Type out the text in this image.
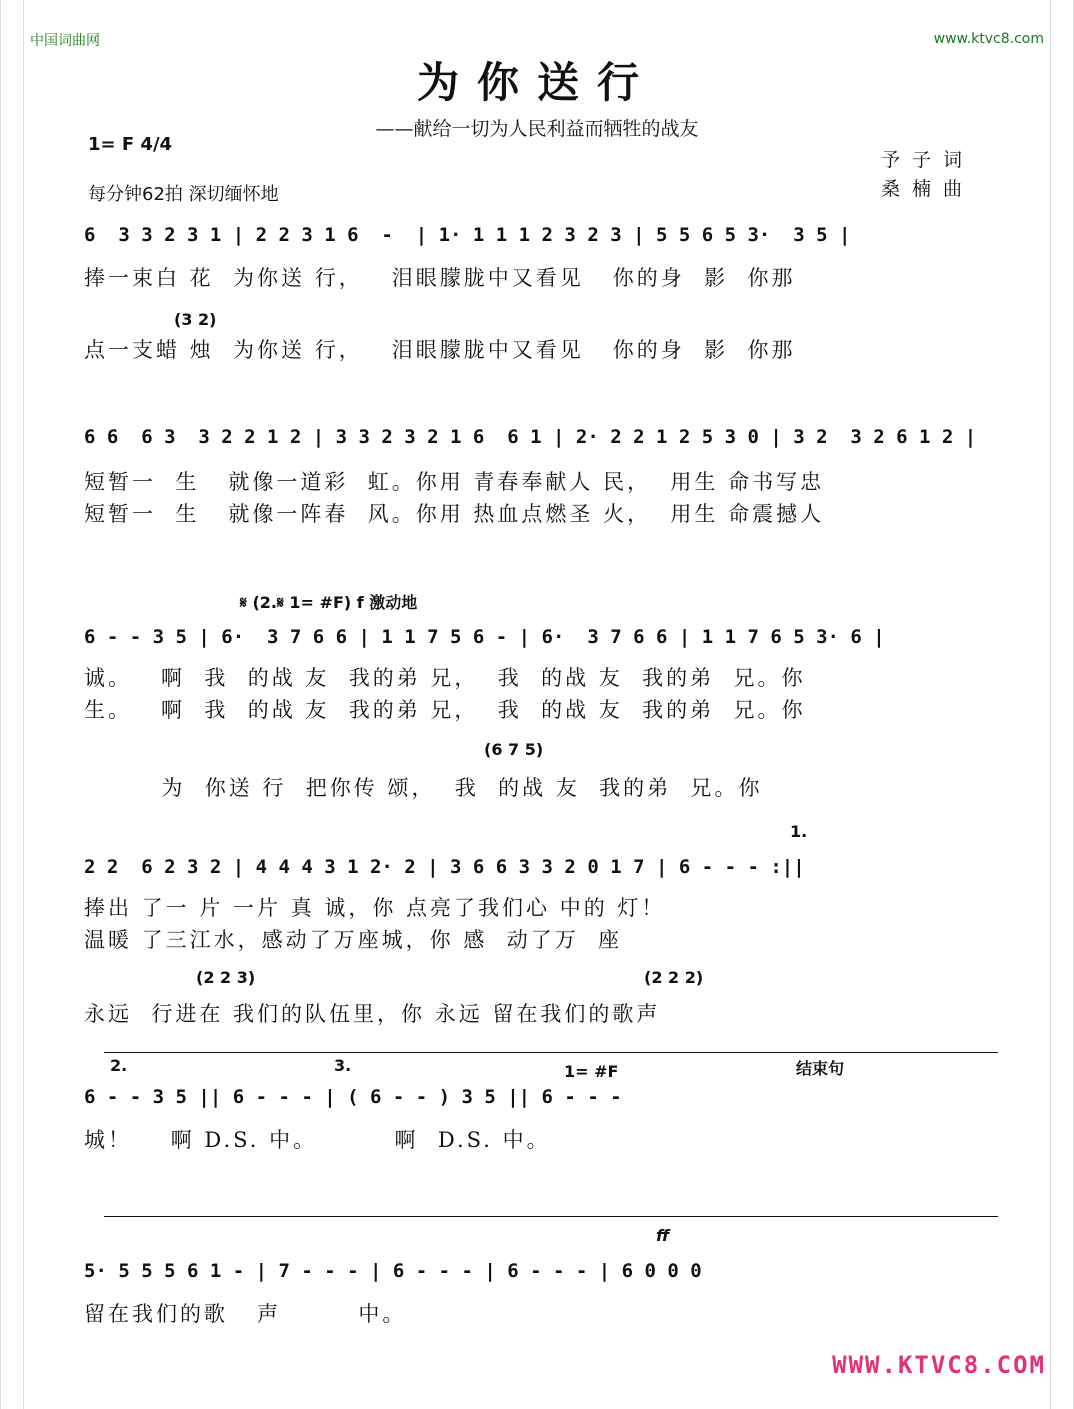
中国词曲网	www.ktvc8.com
为你送行
——献给一切为人民利益而牺牲的战友
1= F 4/4
每分钟62拍 深切缅怀地
予子词
桑楠曲
6  3 3 2 3 1 | 2 2 3 1 6  -  | 1· 1 1 1 2 3 2 3 | 5 5 6 5 3·  3 5 |
捧一束白 花  为你送 行，   泪眼朦胧中又看见   你的身  影  你那
(3 2)
点一支蜡 烛  为你送 行，   泪眼朦胧中又看见   你的身  影  你那
6 6  6 3  3 2 2 1 2 | 3 3 2 3 2 1 6  6 1 | 2· 2 2 1 2 5 3 0 | 3 2  3 2 6 1 2 |
短暂一  生   就像一道彩  虹。你用 青春奉献人 民，  用生 命书写忠
短暂一  生   就像一阵春  风。你用 热血点燃圣 火，  用生 命震撼人
𝄋 (2.𝄋 1= #F) f 激动地
6 - - 3 5 | 6·  3 7 6 6 | 1 1 7 5 6 - | 6·  3 7 6 6 | 1 1 7 6 5 3· 6 |
诚。   啊  我  的战 友  我的弟 兄，  我  的战 友  我的弟  兄。你
生。   啊  我  的战 友  我的弟 兄，  我  的战 友  我的弟  兄。你
(6 7 5)
为  你送 行  把你传 颂，  我  的战 友  我的弟  兄。你
1.
2 2  6 2 3 2 | 4 4 4 3 1 2· 2 | 3 6 6 3 3 2 0 1 7 | 6 - - - :||
捧出 了一 片 一片 真 诚，你 点亮了我们心 中的 灯！
温暖 了三江水，感动了万座城，你 感  动了万  座
(2 2 3)	(2 2 2)
永远  行进在 我们的队伍里，你 永远 留在我们的歌声
2.	3.	1= #F	结束句
6 - - 3 5 || 6 - - - | ( 6 - - ) 3 5 || 6 - - -
城！    啊 D.S. 中。        啊  D.S. 中。
ff
5· 5 5 5 6 1 - | 7 - - - | 6 - - - | 6 - - - | 6 0 0 0
留在我们的歌   声        中。
WWW.KTVC8.COM
